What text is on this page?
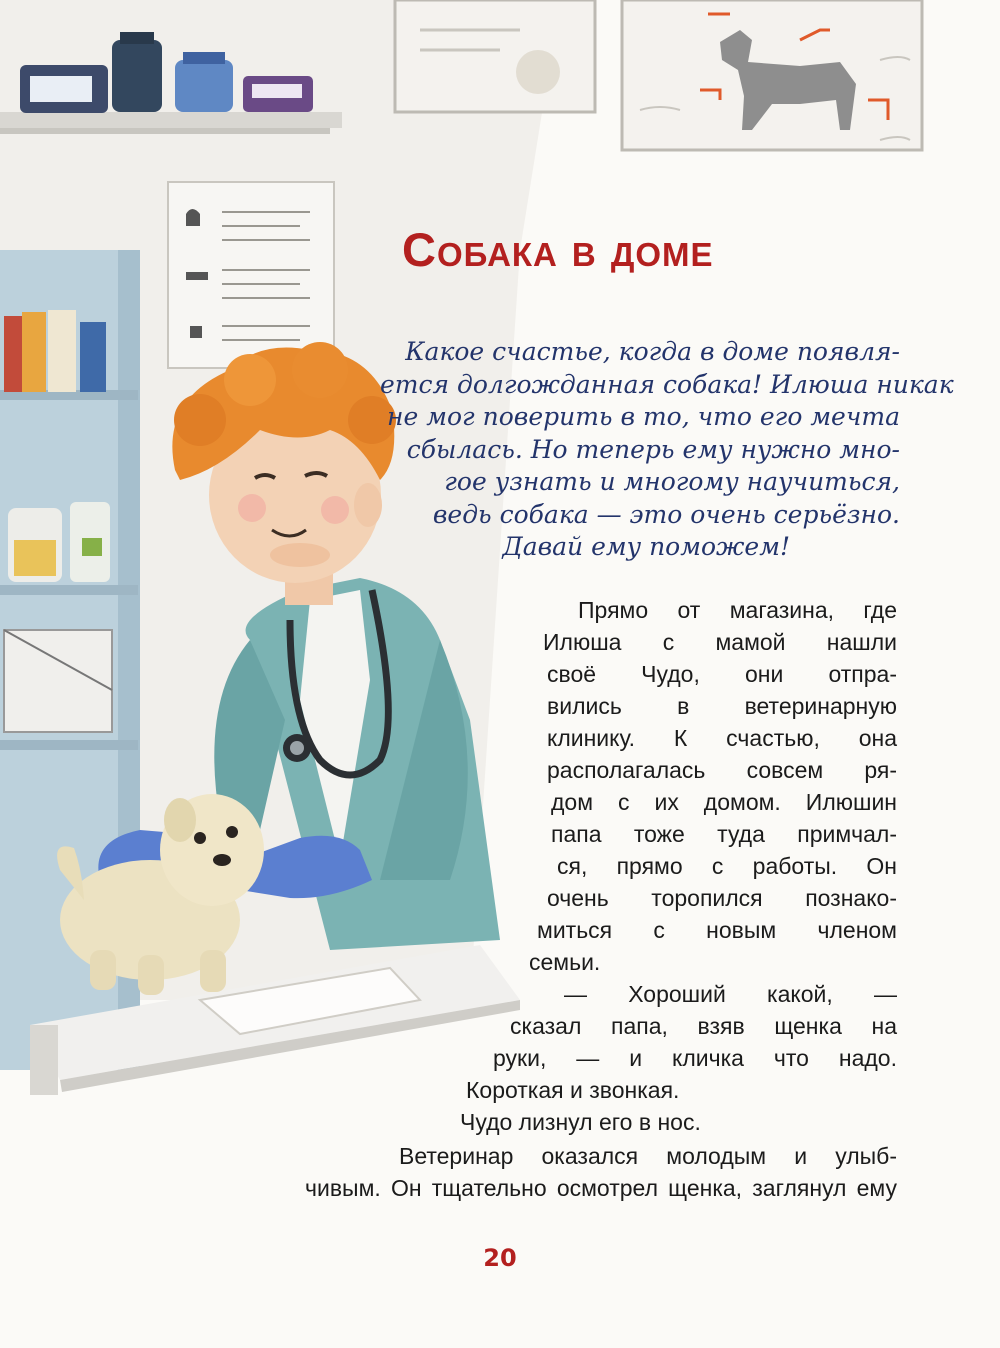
Собака в доме
Какое счастье, когда в доме появля-
ется долгожданная собака! Илюша никак
не мог поверить в то, что его мечта
сбылась. Но теперь ему нужно мно-
гое узнать и многому научиться,
ведь собака — это очень серьёзно.
Давай ему поможем!
Прямо от магазина, где
Илюша с мамой нашли
своё Чудо, они отпра-
вились в ветеринарную
клинику. К счастью, она
располагалась совсем ря-
дом с их домом. Илюшин
папа тоже туда примчал-
ся, прямо с работы. Он
очень торопился познако-
миться с новым членом
семьи.
— Хороший какой, —
сказал папа, взяв щенка на
руки, — и кличка что надо.
Короткая и звонкая.
Чудо лизнул его в нос.
Ветеринар оказался молодым и улыб-
чивым. Он тщательно осмотрел щенка, заглянул ему
20
